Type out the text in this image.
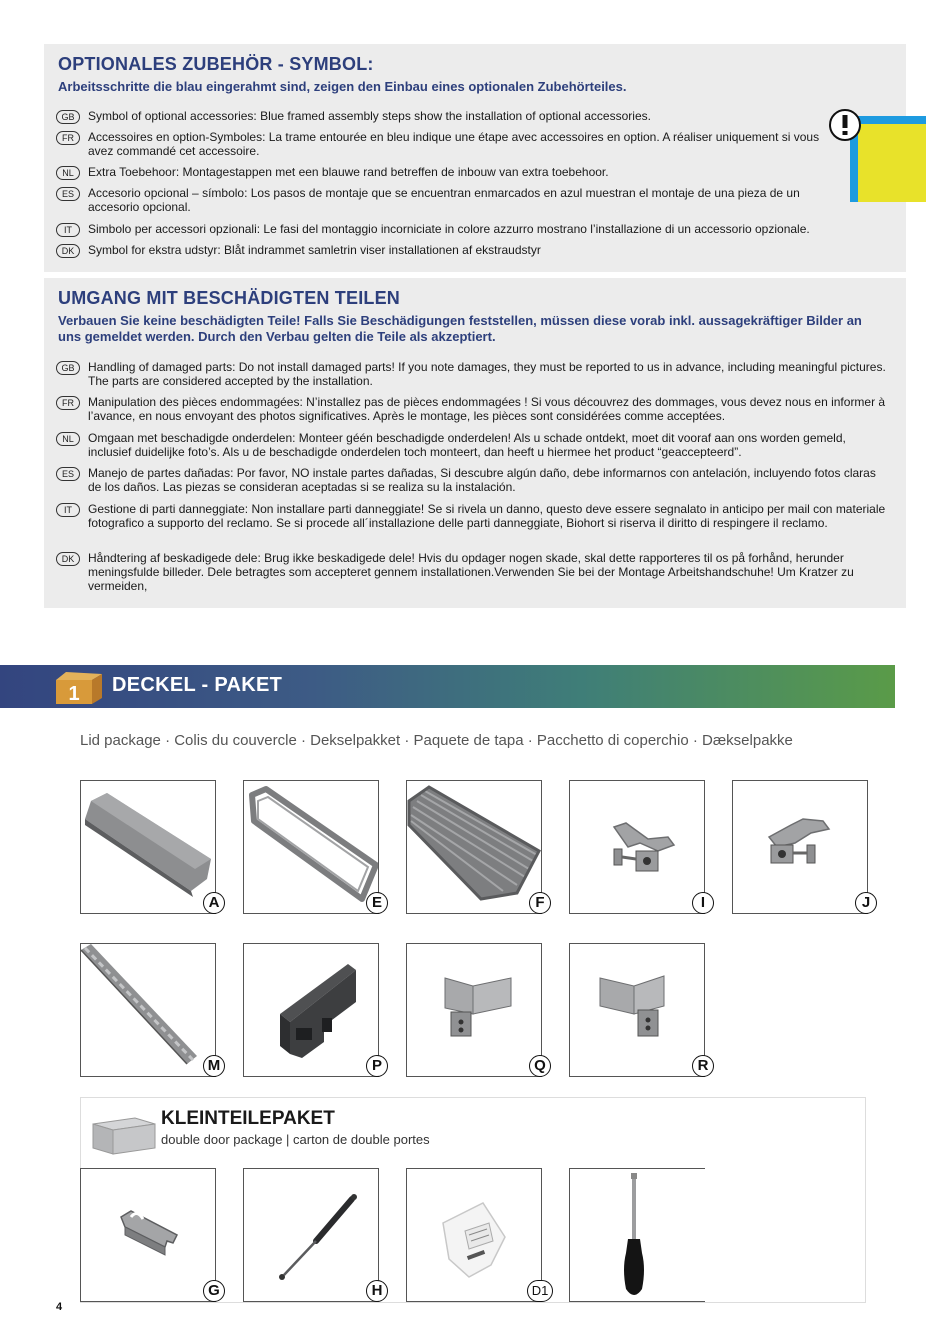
OPTIONALES ZUBEHÖR - SYMBOL:
Arbeitsschritte die blau eingerahmt sind, zeigen den Einbau eines optionalen Zubehörteiles.
GB	Symbol of optional accessories: Blue framed assembly steps show the installation of optional accessories.
FR	Accessoires en option-Symboles: La trame entourée en bleu indique une étape avec accessoires en option. A réaliser uniquement si vous avez commandé cet accessoire.
NL	Extra Toebehoor: Montagestappen met een blauwe rand betreffen de inbouw van extra toebehoor.
ES	Accesorio opcional – símbolo: Los pasos de montaje que se encuentran enmarcados en azul muestran el montaje de una pieza de un accesorio opcional.
IT	Simbolo per accessori opzionali: Le fasi del montaggio incorniciate in colore azzurro mostrano l’installazione di un accessorio opzionale.
DK	Symbol for ekstra udstyr: Blåt indrammet samletrin viser installationen af ekstraudstyr
UMGANG MIT BESCHÄDIGTEN TEILEN
Verbauen Sie keine beschädigten Teile! Falls Sie Beschädigungen feststellen, müssen diese vorab inkl. aussagekräftiger Bilder an uns gemeldet werden. Durch den Verbau gelten die Teile als akzeptiert.
GB	Handling of damaged parts: Do not install damaged parts! If you note damages, they must be reported to us in advance, including meaningful pictures. The parts are considered accepted by the installation.
FR	Manipulation des pièces endommagées: N’installez pas de pièces endommagées ! Si vous découvrez des dommages, vous devez nous en informer à l’avance, en nous envoyant des photos significatives. Après le montage, les pièces sont considérées comme acceptées.
NL	Omgaan met beschadigde onderdelen: Monteer géén beschadigde onderdelen! Als u schade ontdekt, moet dit vooraf aan ons worden gemeld, inclusief duidelijke foto’s. Als u de beschadigde onderdelen toch monteert, dan heeft u hiermee het product “geaccepteerd”.
ES	Manejo de partes dañadas: Por favor, NO instale partes dañadas, Si descubre algún daño, debe informarnos con antelación, incluyendo fotos claras de los daños. Las piezas se consideran aceptadas si se realiza su la instalación.
IT	Gestione di parti danneggiate: Non installare parti danneggiate! Se si rivela un danno, questo deve essere segnalato in anticipo per mail con materiale fotografico a supporto del reclamo. Se si procede all´installazione delle parti danneggiate, Biohort si riserva il diritto di respingere il reclamo.
DK	Håndtering af beskadigede dele: Brug ikke beskadigede dele! Hvis du opdager nogen skade, skal dette rapporteres til os på forhånd, herunder meningsfulde billeder. Dele betragtes som accepteret gennem installationen.Verwenden Sie bei der Montage Arbeitshandschuhe! Um Kratzer zu vermeiden,
1 DECKEL - PAKET
Lid package · Colis du couvercle · Dekselpakket · Paquete de tapa · Pacchetto di coperchio · Dækselpakke
A	E	F	I	J
M	P	Q	R
KLEINTEILEPAKET
double door package | carton de double portes
G	H	D1
4
